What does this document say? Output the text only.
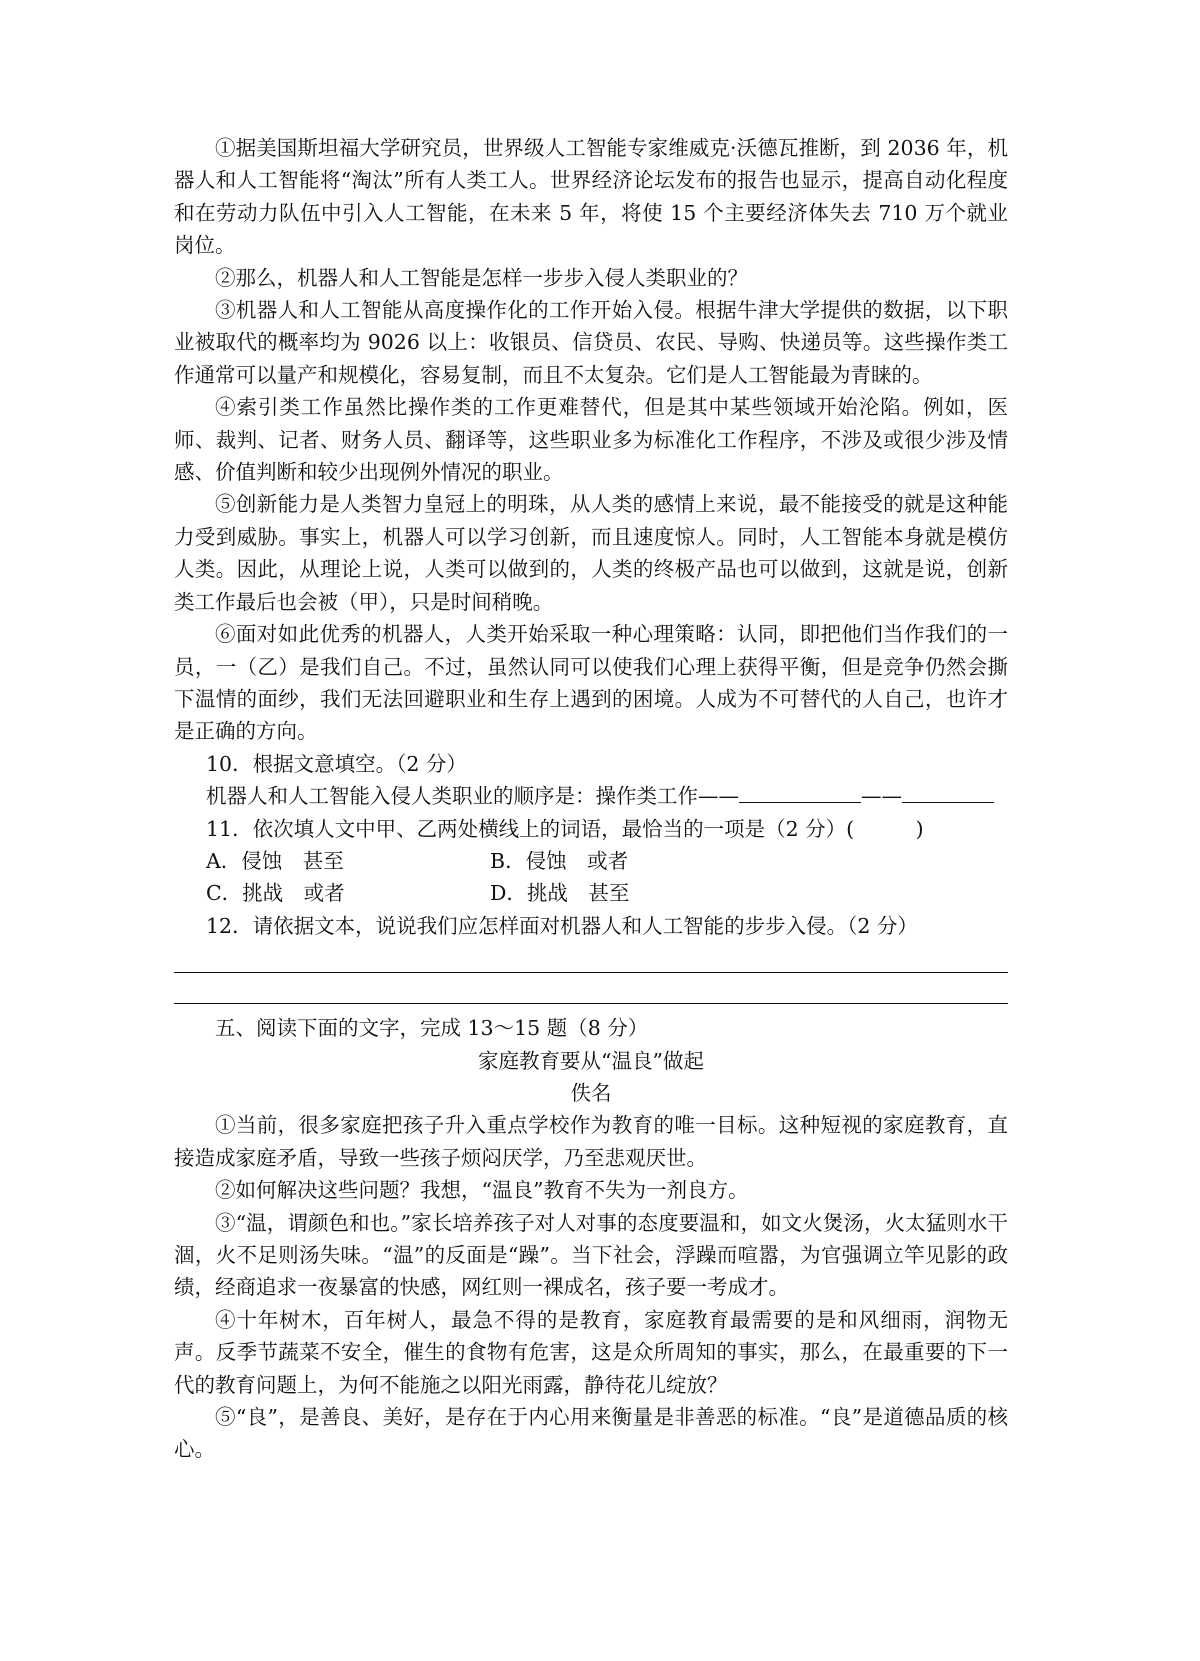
①据美国斯坦福大学研究员，世界级人工智能专家维威克·沃德瓦推断，到 2036 年，机器人和人工智能将“淘汰”所有人类工人。世界经济论坛发布的报告也显示，提高自动化程度和在劳动力队伍中引入人工智能，在未来 5 年，将使 15 个主要经济体失去 710 万个就业岗位。

②那么，机器人和人工智能是怎样一步步入侵人类职业的？

③机器人和人工智能从高度操作化的工作开始入侵。根据牛津大学提供的数据，以下职业被取代的概率均为 9026 以上：收银员、信贷员、农民、导购、快递员等。这些操作类工作通常可以量产和规模化，容易复制，而且不太复杂。它们是人工智能最为青睐的。

④索引类工作虽然比操作类的工作更难替代，但是其中某些领域开始沦陷。例如，医师、裁判、记者、财务人员、翻译等，这些职业多为标准化工作程序，不涉及或很少涉及情感、价值判断和较少出现例外情况的职业。

⑤创新能力是人类智力皇冠上的明珠，从人类的感情上来说，最不能接受的就是这种能力受到威胁。事实上，机器人可以学习创新，而且速度惊人。同时，人工智能本身就是模仿人类。因此，从理论上说，人类可以做到的，人类的终极产品也可以做到，这就是说，创新类工作最后也会被（甲），只是时间稍晚。

⑥面对如此优秀的机器人，人类开始采取一种心理策略：认同，即把他们当作我们的一员，一（乙）是我们自己。不过，虽然认同可以使我们心理上获得平衡，但是竞争仍然会撕下温情的面纱，我们无法回避职业和生存上遇到的困境。人成为不可替代的人自己，也许才是正确的方向。

10．根据文意填空。（2 分）

机器人和人工智能入侵人类职业的顺序是：操作类工作——	——

11．依次填人文中甲、乙两处横线上的词语，最恰当的一项是（2 分）(　　　)

A．侵蚀　甚至	B．侵蚀　或者
C．挑战　或者	D．挑战　甚至

12．请依据文本，说说我们应怎样面对机器人和人工智能的步步入侵。（2 分）

五、阅读下面的文字，完成 13～15 题（8 分）

家庭教育要从“温良”做起

佚名

①当前，很多家庭把孩子升入重点学校作为教育的唯一目标。这种短视的家庭教育，直接造成家庭矛盾，导致一些孩子烦闷厌学，乃至悲观厌世。

②如何解决这些问题？我想，“温良”教育不失为一剂良方。

③“温，谓颜色和也。”家长培养孩子对人对事的态度要温和，如文火煲汤，火太猛则水干涸，火不足则汤失味。“温”的反面是“躁”。当下社会，浮躁而喧嚣，为官强调立竿见影的政绩，经商追求一夜暴富的快感，网红则一裸成名，孩子要一考成才。

④十年树木，百年树人，最急不得的是教育，家庭教育最需要的是和风细雨，润物无声。反季节蔬菜不安全，催生的食物有危害，这是众所周知的事实，那么，在最重要的下一代的教育问题上，为何不能施之以阳光雨露，静待花儿绽放？

⑤“良”，是善良、美好，是存在于内心用来衡量是非善恶的标准。“良”是道德品质的核心。
